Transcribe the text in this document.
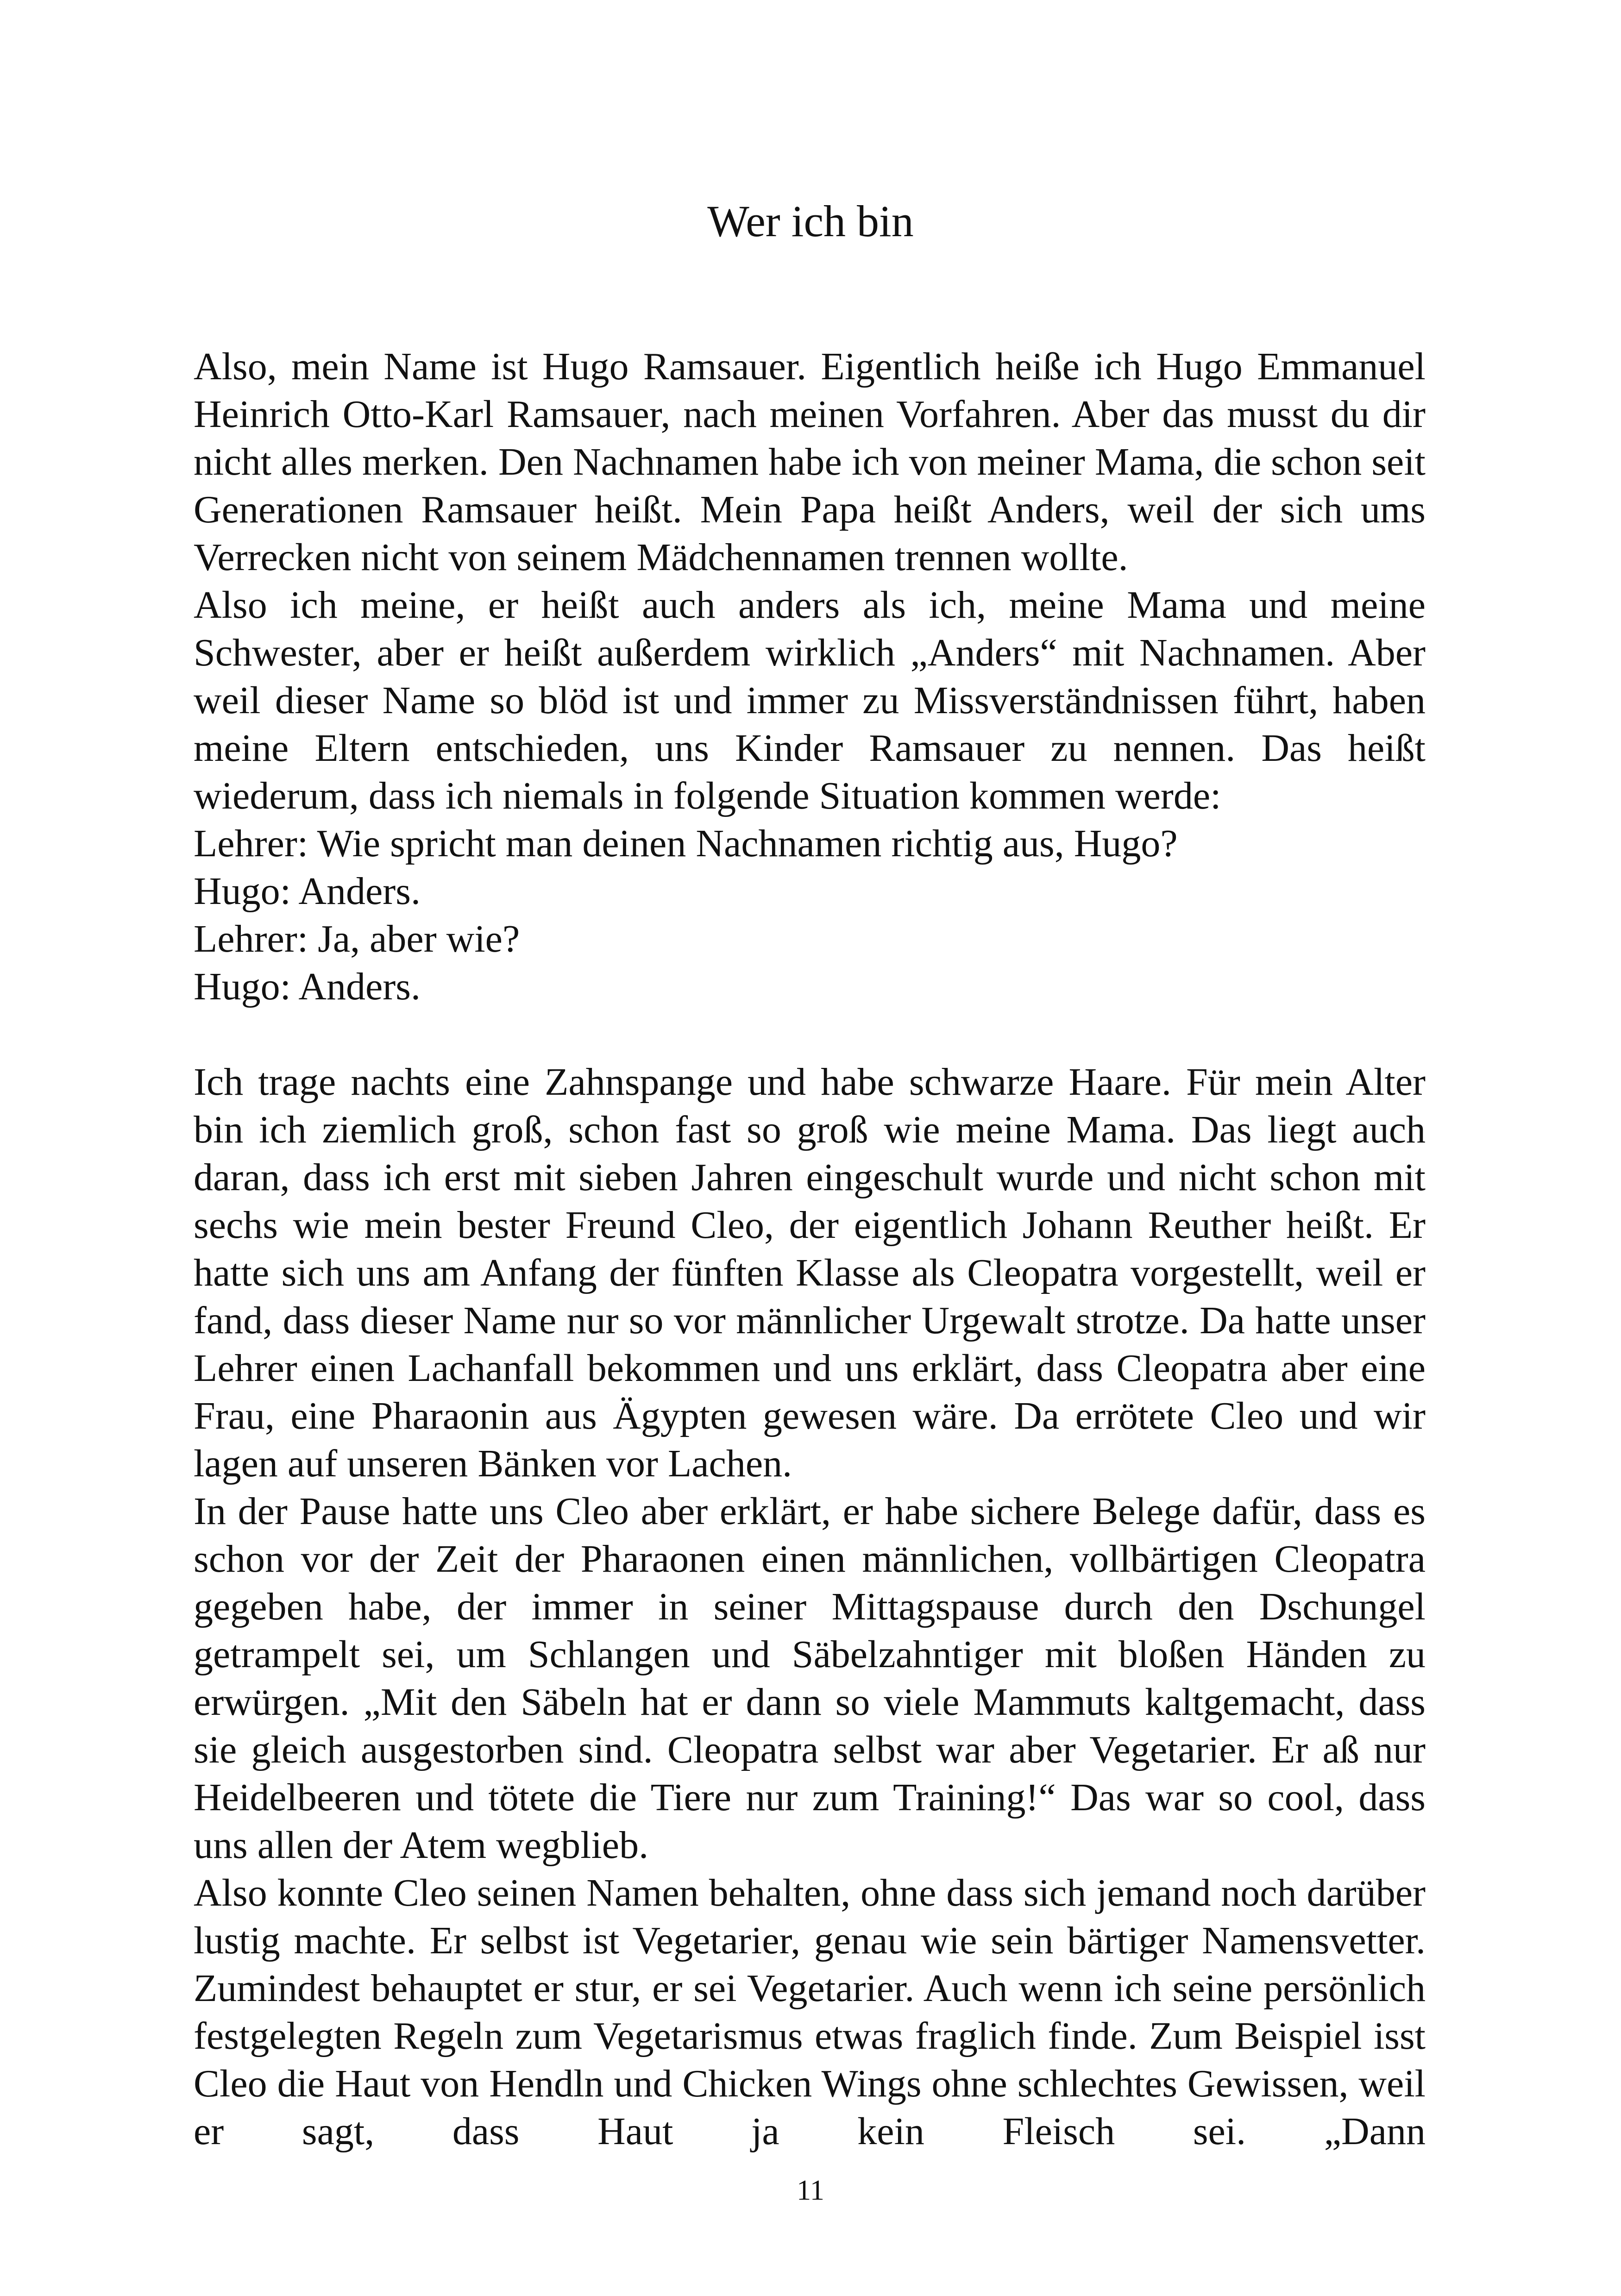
Wer ich bin

Also, mein Name ist Hugo Ramsauer. Eigentlich heiße ich Hugo Emmanuel Heinrich Otto-Karl Ramsauer, nach meinen Vorfahren. Aber das musst du dir nicht alles merken. Den Nachnamen habe ich von meiner Mama, die schon seit Generationen Ramsauer heißt. Mein Papa heißt Anders, weil der sich ums Verrecken nicht von seinem Mädchennamen trennen wollte.

Also ich meine, er heißt auch anders als ich, meine Mama und meine Schwester, aber er heißt außerdem wirklich „Anders“ mit Nachnamen. Aber weil dieser Name so blöd ist und immer zu Missverständnissen führt, haben meine Eltern entschieden, uns Kinder Ramsauer zu nennen. Das heißt wiederum, dass ich niemals in folgende Situation kommen werde:

Lehrer: Wie spricht man deinen Nachnamen richtig aus, Hugo?

Hugo: Anders.

Lehrer: Ja, aber wie?

Hugo: Anders.

Ich trage nachts eine Zahnspange und habe schwarze Haare. Für mein Alter bin ich ziemlich groß, schon fast so groß wie meine Mama. Das liegt auch daran, dass ich erst mit sieben Jahren eingeschult wurde und nicht schon mit sechs wie mein bester Freund Cleo, der eigentlich Johann Reuther heißt. Er hatte sich uns am Anfang der fünften Klasse als Cleopatra vorgestellt, weil er fand, dass dieser Name nur so vor männlicher Urgewalt strotze. Da hatte unser Lehrer einen Lachanfall bekommen und uns erklärt, dass Cleopatra aber eine Frau, eine Pharaonin aus Ägypten gewesen wäre. Da errötete Cleo und wir lagen auf unseren Bänken vor Lachen.

In der Pause hatte uns Cleo aber erklärt, er habe sichere Belege dafür, dass es schon vor der Zeit der Pharaonen einen männlichen, vollbärtigen Cleopatra gegeben habe, der immer in seiner Mittagspause durch den Dschungel getrampelt sei, um Schlangen und Säbelzahntiger mit bloßen Händen zu erwürgen. „Mit den Säbeln hat er dann so viele Mammuts kaltgemacht, dass sie gleich ausgestorben sind. Cleopatra selbst war aber Vegetarier. Er aß nur Heidelbeeren und tötete die Tiere nur zum Training!“ Das war so cool, dass uns allen der Atem wegblieb.

Also konnte Cleo seinen Namen behalten, ohne dass sich jemand noch darüber lustig machte. Er selbst ist Vegetarier, genau wie sein bärtiger Namensvetter. Zumindest behauptet er stur, er sei Vegetarier. Auch wenn ich seine persönlich festgelegten Regeln zum Vegetarismus etwas fraglich finde. Zum Beispiel isst Cleo die Haut von Hendln und Chicken Wings ohne schlechtes Gewissen, weil er sagt, dass Haut ja kein Fleisch sei. „Dann

11
